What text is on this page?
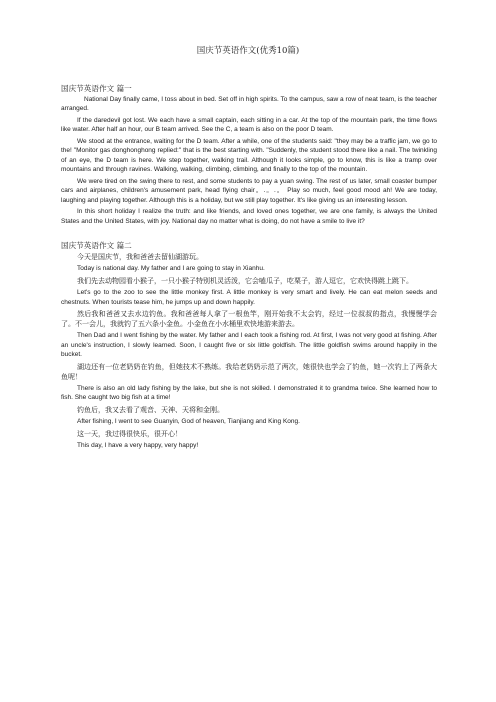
国庆节英语作文(优秀10篇)
国庆节英语作文 篇一

National Day finally came, I toss about in bed. Set off in high spirits. To the campus, saw a row of neat team, is the teacher arranged.

If the daredevil got lost. We each have a small captain, each sitting in a car. At the top of the mountain park, the time flows like water. After half an hour, our B team arrived. See the C, a team is also on the poor D team.

We stood at the entrance, waiting for the D team. After a while, one of the students said: "they may be a traffic jam, we go to the! "Monitor gas donghonghong replied:" that is the best starting with. "Suddenly, the student stood there like a nail. The twinkling of an eye, the D team is here. We step together, walking trail. Although it looks simple, go to know, this is like a tramp over mountains and through ravines. Walking, walking, climbing, climbing, and finally to the top of the mountain.

We were tired on the swing there to rest, and some students to pay a yuan swing. The rest of us later, small coaster bumper cars and airplanes, children's amusement park, head flying chair。.。.。 Play so much, feel good mood ah! We are today, laughing and playing together. Although this is a holiday, but we still play together. It's like giving us an interesting lesson.

In this short holiday I realize the truth: and like friends, and loved ones together, we are one family, is always the United States and the United States, with joy. National day no matter what is doing, do not have a smile to live it?

国庆节英语作文 篇二

今天是国庆节，我和爸爸去留仙湖游玩。

Today is national day. My father and I are going to stay in Xianhu.

我们先去动物园看小猴子，一只小猴子特别机灵活泼，它会嗑瓜子，吃栗子，游人逗它，它欢快得跳上跳下。

Let's go to the zoo to see the little monkey first. A little monkey is very smart and lively. He can eat melon seeds and chestnuts. When tourists tease him, he jumps up and down happily.

然后我和爸爸又去水边钓鱼。我和爸爸每人拿了一根鱼竿，刚开始我不太会钓，经过一位叔叔的指点，我慢慢学会了。不一会儿，我就钓了五六条小金鱼。小金鱼在小水桶里欢快地游来游去。

Then Dad and I went fishing by the water. My father and I each took a fishing rod. At first, I was not very good at fishing. After an uncle's instruction, I slowly learned. Soon, I caught five or six little goldfish. The little goldfish swims around happily in the bucket.

湖边还有一位老奶奶在钓鱼，但她技术不熟练。我给老奶奶示范了两次，她很快也学会了钓鱼，她一次钓上了两条大鱼呢！

There is also an old lady fishing by the lake, but she is not skilled. I demonstrated it to grandma twice. She learned how to fish. She caught two big fish at a time!

钓鱼后，我又去看了观音、天神、天将和金刚。

After fishing, I went to see Guanyin, God of heaven, Tianjiang and King Kong.

这一天，我过得很快乐，很开心！

This day, I have a very happy, very happy!
